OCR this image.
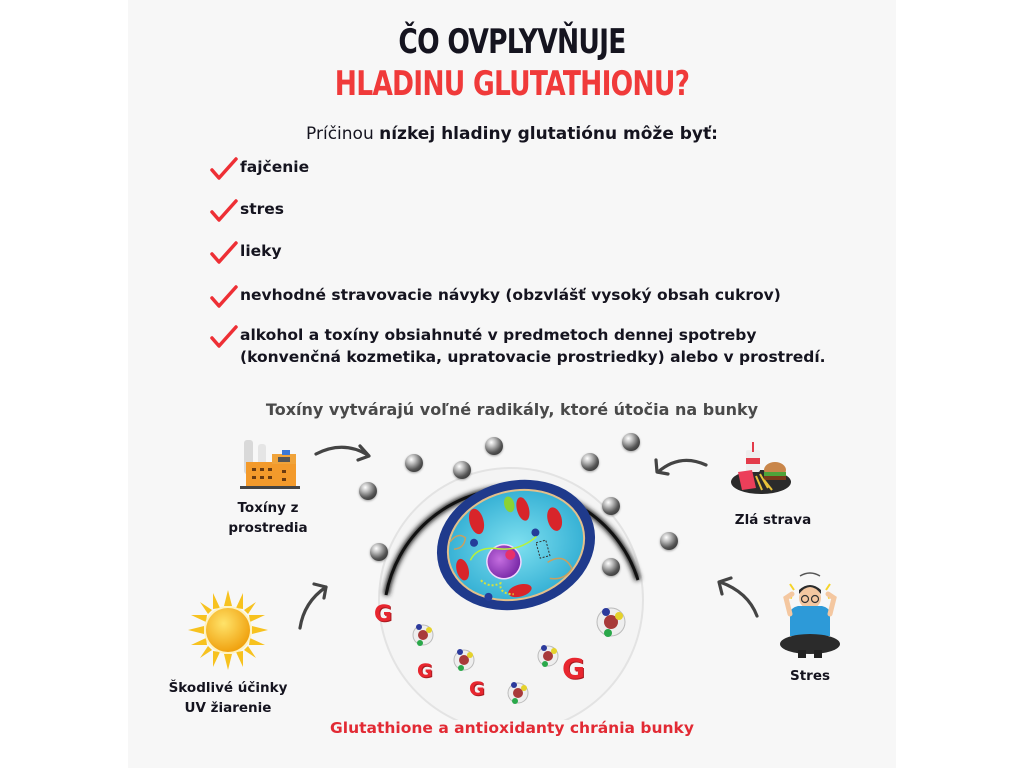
ČO OVPLYVŇUJE
HLADINU GLUTATHIONU?
Príčinou nízkej hladiny glutatiónu môže byť:
fajčenie
stres
lieky
nevhodné stravovacie návyky (obzvlášť vysoký obsah cukrov)
alkohol a toxíny obsiahnuté v predmetoch dennej spotreby
(konvenčná kozmetika, upratovacie prostriedky) alebo v prostredí.
Toxíny vytvárajú voľné radikály, ktoré útočia na bunky
G
G
G
G
Toxíny z
prostredia	Zlá strava
Škodlivé účinky
UV žiarenie
Stres
Glutathione a antioxidanty chránia bunky
